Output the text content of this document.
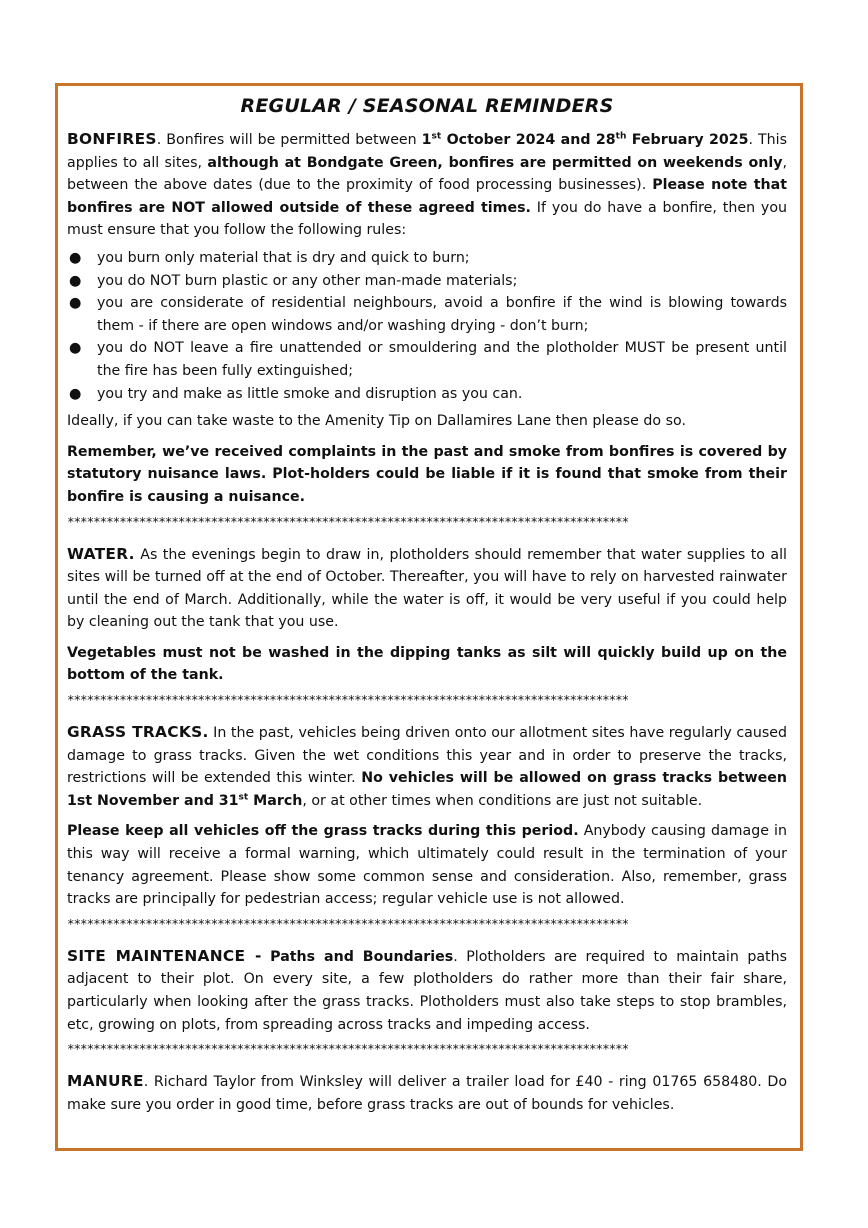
REGULAR / SEASONAL REMINDERS

BONFIRES. Bonfires will be permitted between 1st October 2024 and 28th February 2025. This applies to all sites, although at Bondgate Green, bonfires are permitted on weekends only, between the above dates (due to the proximity of food processing businesses). Please note that bonfires are NOT allowed outside of these agreed times. If you do have a bonfire, then you must ensure that you follow the following rules:

● you burn only material that is dry and quick to burn;
● you do NOT burn plastic or any other man-made materials;
● you are considerate of residential neighbours, avoid a bonfire if the wind is blowing towards them - if there are open windows and/or washing drying - don’t burn;
● you do NOT leave a fire unattended or smouldering and the plotholder MUST be present until the fire has been fully extinguished;
● you try and make as little smoke and disruption as you can.

Ideally, if you can take waste to the Amenity Tip on Dallamires Lane then please do so.

Remember, we’ve received complaints in the past and smoke from bonfires is covered by statutory nuisance laws. Plot-holders could be liable if it is found that smoke from their bonfire is causing a nuisance.

**************************************************************************************

WATER. As the evenings begin to draw in, plotholders should remember that water supplies to all sites will be turned off at the end of October. Thereafter, you will have to rely on harvested rainwater until the end of March. Additionally, while the water is off, it would be very useful if you could help by cleaning out the tank that you use.

Vegetables must not be washed in the dipping tanks as silt will quickly build up on the bottom of the tank.

**************************************************************************************

GRASS TRACKS. In the past, vehicles being driven onto our allotment sites have regularly caused damage to grass tracks. Given the wet conditions this year and in order to preserve the tracks, restrictions will be extended this winter. No vehicles will be allowed on grass tracks between 1st November and 31st March, or at other times when conditions are just not suitable.

Please keep all vehicles off the grass tracks during this period. Anybody causing damage in this way will receive a formal warning, which ultimately could result in the termination of your tenancy agreement. Please show some common sense and consideration. Also, remember, grass tracks are principally for pedestrian access; regular vehicle use is not allowed.

**************************************************************************************

SITE MAINTENANCE - Paths and Boundaries. Plotholders are required to maintain paths adjacent to their plot. On every site, a few plotholders do rather more than their fair share, particularly when looking after the grass tracks. Plotholders must also take steps to stop brambles, etc, growing on plots, from spreading across tracks and impeding access.

**************************************************************************************

MANURE. Richard Taylor from Winksley will deliver a trailer load for £40 - ring 01765 658480. Do make sure you order in good time, before grass tracks are out of bounds for vehicles.
